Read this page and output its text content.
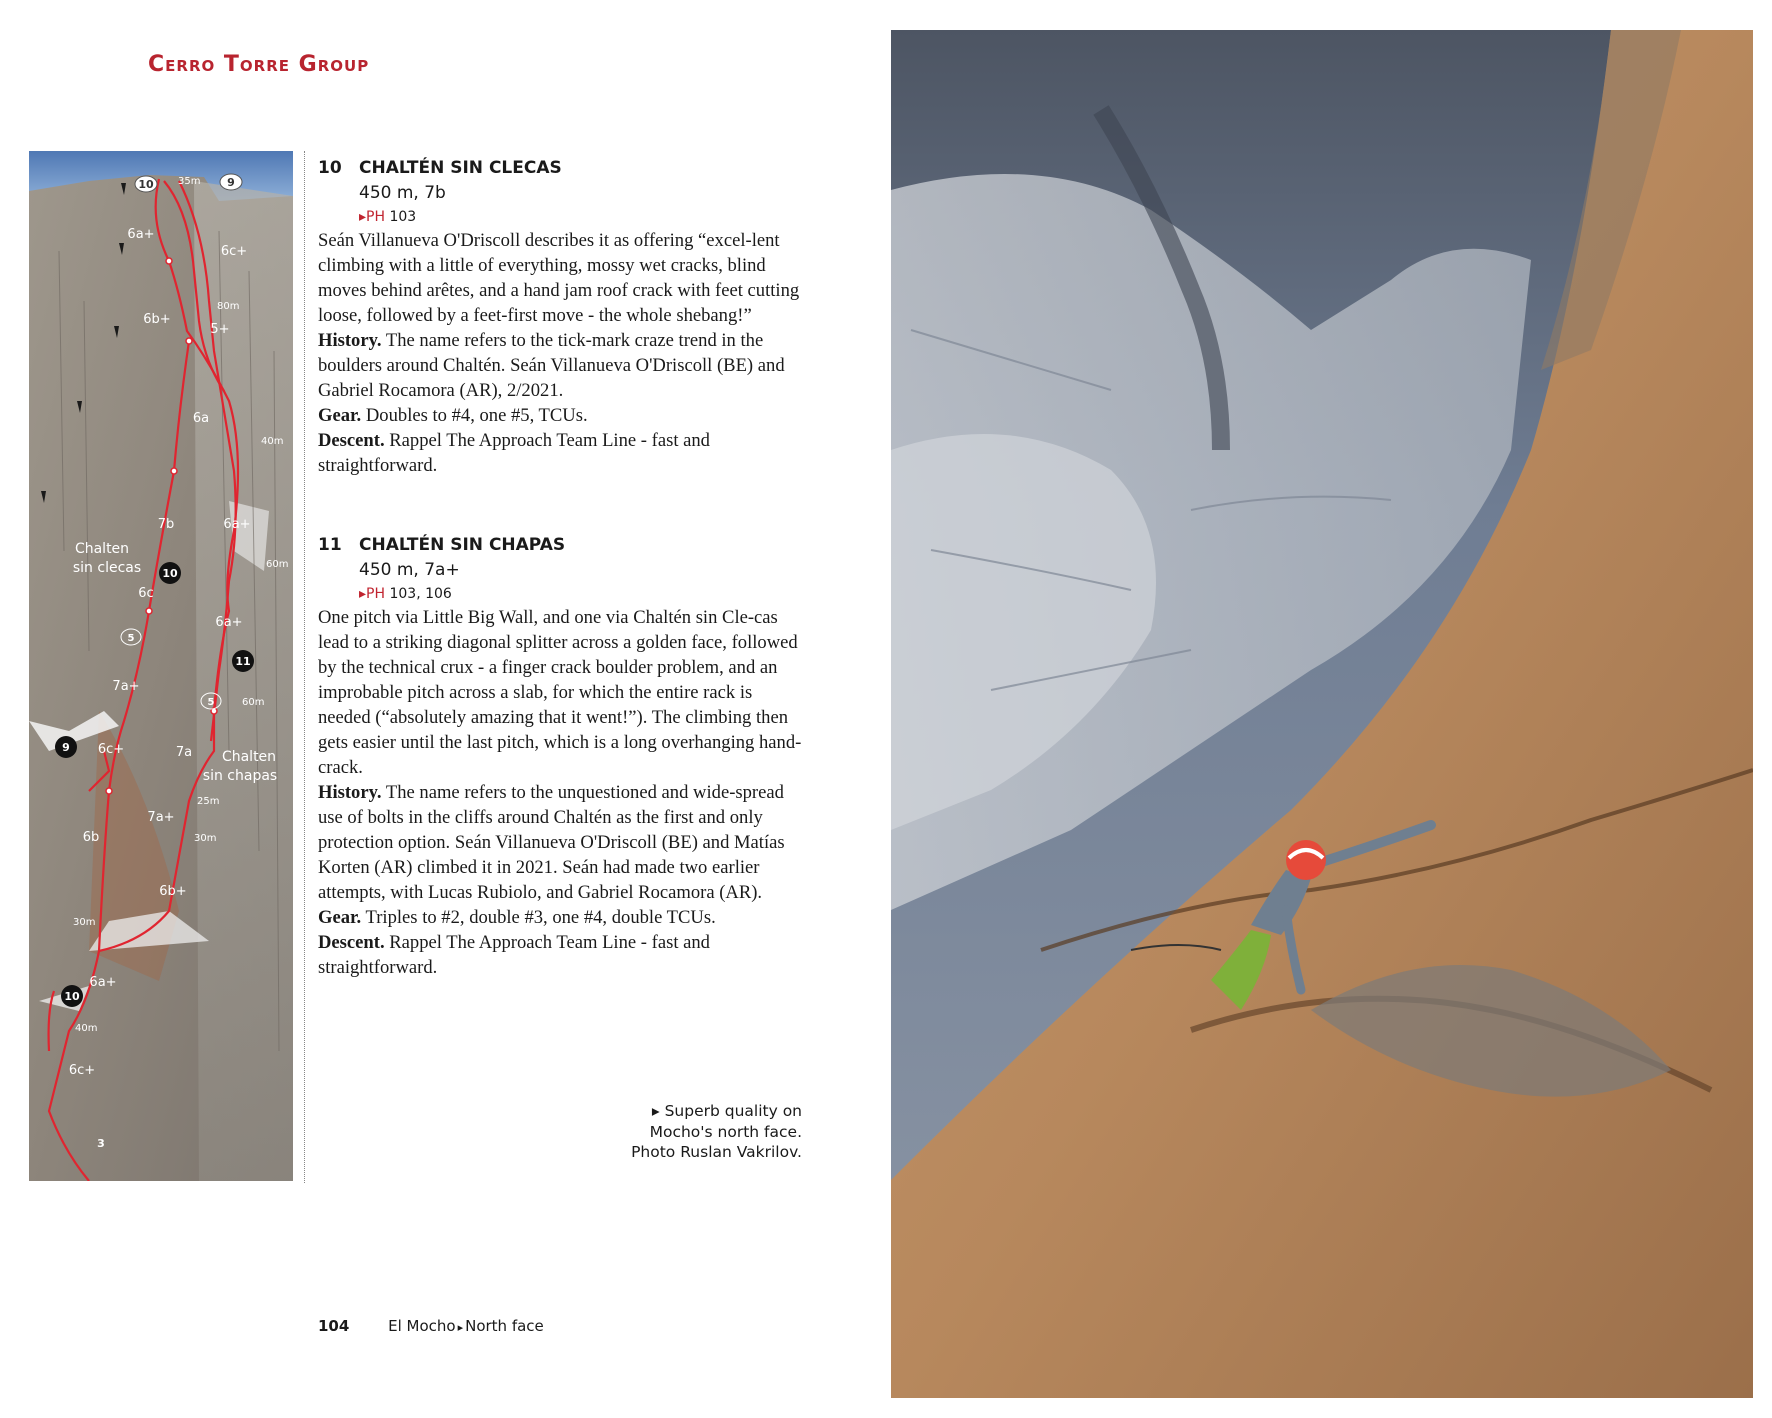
Cerro Torre Group
10	9
10
11
9
10
3
5
5
6a+
6c+
6b+
5+
6a
7b	6a+
6c
6a+
7a+
6c+	7a
7a+
6b
6b+
6a+
6c+
35m
80m
40m
60m
60m
25m
30m
30m
40m
Chalten
sin clecas
Chalten
sin chapas
10 CHALTÉN SIN CLECAS
450 m, 7b
▸PH 103
Seán Villanueva O'Driscoll describes it as offering “excel-lent climbing with a little of everything, mossy wet cracks, blind moves behind arêtes, and a hand jam roof crack with feet cutting loose, followed by a feet-first move - the whole shebang!”
History. The name refers to the tick-mark craze trend in the boulders around Chaltén. Seán Villanueva O'Driscoll (BE) and Gabriel Rocamora (AR), 2/2021.
Gear. Doubles to #4, one #5, TCUs.
Descent. Rappel The Approach Team Line - fast and straightforward.
11 CHALTÉN SIN CHAPAS
450 m, 7a+
▸PH 103, 106
One pitch via Little Big Wall, and one via Chaltén sin Cle-cas lead to a striking diagonal splitter across a golden face, followed by the technical crux - a finger crack boulder problem, and an improbable pitch across a slab, for which the entire rack is needed (“absolutely amazing that it went!”). The climbing then gets easier until the last pitch, which is a long overhanging hand-crack.
History. The name refers to the unquestioned and wide-spread use of bolts in the cliffs around Chaltén as the first and only protection option. Seán Villanueva O'Driscoll (BE) and Matías Korten (AR) climbed it in 2021. Seán had made two earlier attempts, with Lucas Rubiolo, and Gabriel Rocamora (AR).
Gear. Triples to #2, double #3, one #4, double TCUs.
Descent. Rappel The Approach Team Line - fast and straightforward.
▸ Superb quality on Mocho's north face. Photo Ruslan Vakrilov.
104	El Mocho ▸ North face
